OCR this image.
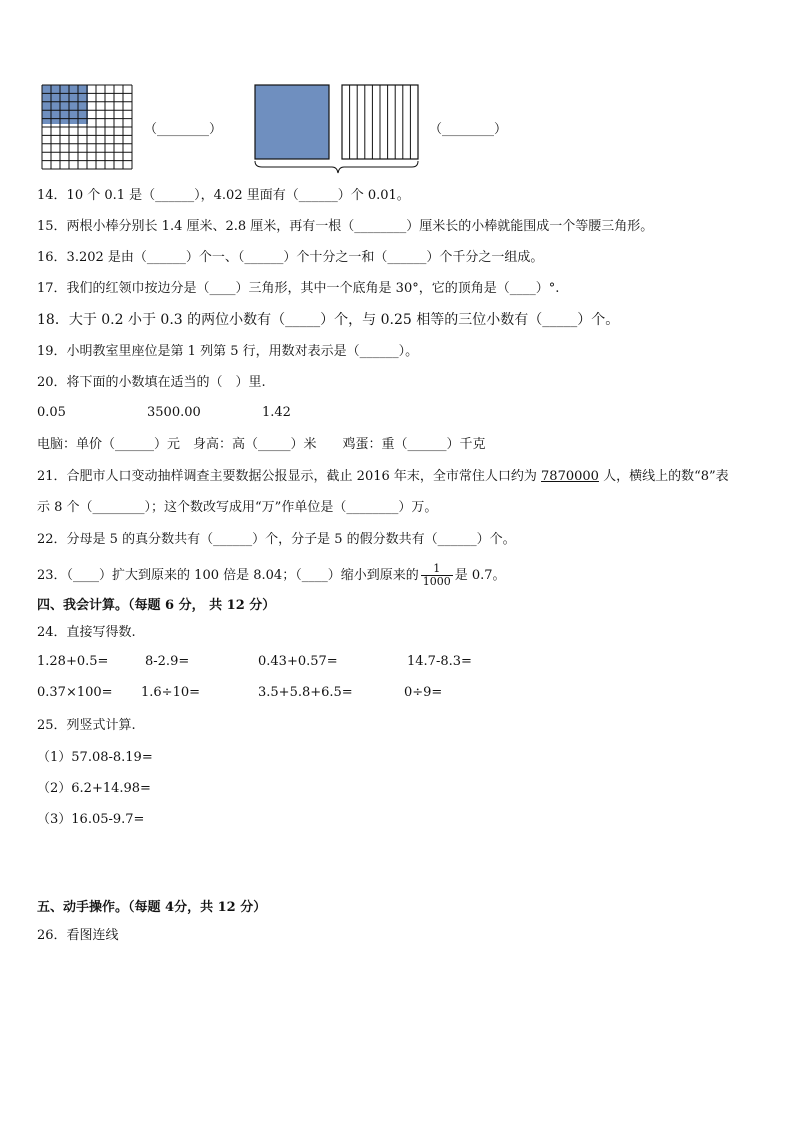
（________）	（________）
14．10 个 0.1 是（______），4.02 里面有（______）个 0.01。
15．两根小棒分别长 1.4 厘米、2.8 厘米，再有一根（________）厘米长的小棒就能围成一个等腰三角形。
16．3.202 是由（______）个一、（______）个十分之一和（______）个千分之一组成。
17．我们的红领巾按边分是（____）三角形，其中一个底角是 30°，它的顶角是（____）°.
18．大于 0.2 小于 0.3 的两位小数有（_____）个，与 0.25 相等的三位小数有（_____）个。
19．小明教室里座位是第 1 列第 5 行，用数对表示是（______）。
20．将下面的小数填在适当的（　）里.
0.05	3500.00	1.42
电脑：单价（______）元　身高：高（_____）米　　鸡蛋：重（______）千克
21．合肥市人口变动抽样调查主要数据公报显示，截止 2016 年末，全市常住人口约为 7870000 人，横线上的数“8”表
示 8 个（________）；这个数改写成用“万”作单位是（________）万。
22．分母是 5 的真分数共有（______）个，分子是 5 的假分数共有（______）个。
23．（____）扩大到原来的 100 倍是 8.04；（____）缩小到原来的 $\frac{1}{1000}$ 是 0.7。
四、我会计算。（每题 6 分， 共 12 分）
24．直接写得数.
1.28+0.5=	8-2.9=	0.43+0.57=	14.7-8.3=
0.37×100= 1.6÷10=	3.5+5.8+6.5=	0÷9=
25．列竖式计算.
（1）57.08-8.19=
（2）6.2+14.98=
（3）16.05-9.7=
五、动手操作。（每题 4分，共 12 分）
26．看图连线
